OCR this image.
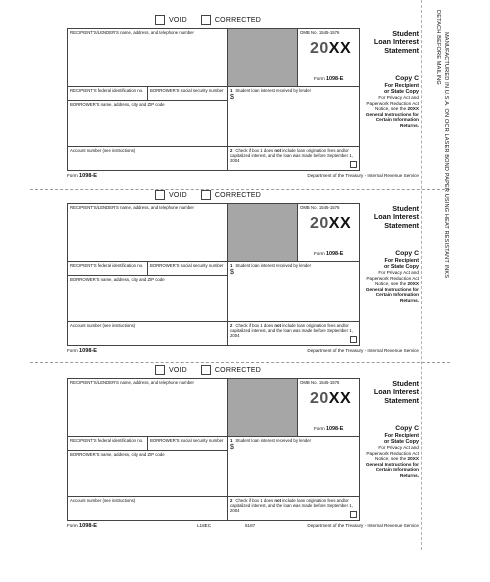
DETACH BEFORE MAILING MANUFACTURED IN U.S.A. ON OCR LASER BOND PAPER USING HEAT RESISTANT INKS
VOID	CORRECTED
RECIPIENT'S/LENDER'S name, address, and telephone number	OMB No. 1545-1576
20XX
Form 1098-E
RECIPIENT'S federal identification no.	BORROWER'S social security number	1 Student loan interest received by lender
$
BORROWER'S name, address, city and ZIP code
Account number (see instructions)	2 Check if box 1 does not include loan origination fees and/or capitalized interest, and the loan was made before September 1, 2004
Student
Loan Interest
Statement
Copy C
For Recipient
or State Copy
For Privacy Act and Paperwork Reduction Act Notice, see the 20XX General Instructions for Certain Information Returns.
Form 1098-E	Department of the Treasury - Internal Revenue Service
VOID	CORRECTED
RECIPIENT'S/LENDER'S name, address, and telephone number	OMB No. 1545-1576
20XX
Form 1098-E
RECIPIENT'S federal identification no.	BORROWER'S social security number	1 Student loan interest received by lender
$
BORROWER'S name, address, city and ZIP code
Account number (see instructions)	2 Check if box 1 does not include loan origination fees and/or capitalized interest, and the loan was made before September 1, 2004
Student
Loan Interest
Statement
Copy C
For Recipient
or State Copy
For Privacy Act and Paperwork Reduction Act Notice, see the 20XX General Instructions for Certain Information Returns.
Form 1098-E	Department of the Treasury - Internal Revenue Service
VOID	CORRECTED
RECIPIENT'S/LENDER'S name, address, and telephone number	OMB No. 1545-1576
20XX
Form 1098-E
RECIPIENT'S federal identification no.	BORROWER'S social security number	1 Student loan interest received by lender
$
BORROWER'S name, address, city and ZIP code
Account number (see instructions)	2 Check if box 1 does not include loan origination fees and/or capitalized interest, and the loan was made before September 1, 2004
Student
Loan Interest
Statement
Copy C
For Recipient
or State Copy
For Privacy Act and Paperwork Reduction Act Notice, see the 20XX General Instructions for Certain Information Returns.
Form 1098-E	L18EC	5187	Department of the Treasury - Internal Revenue Service
